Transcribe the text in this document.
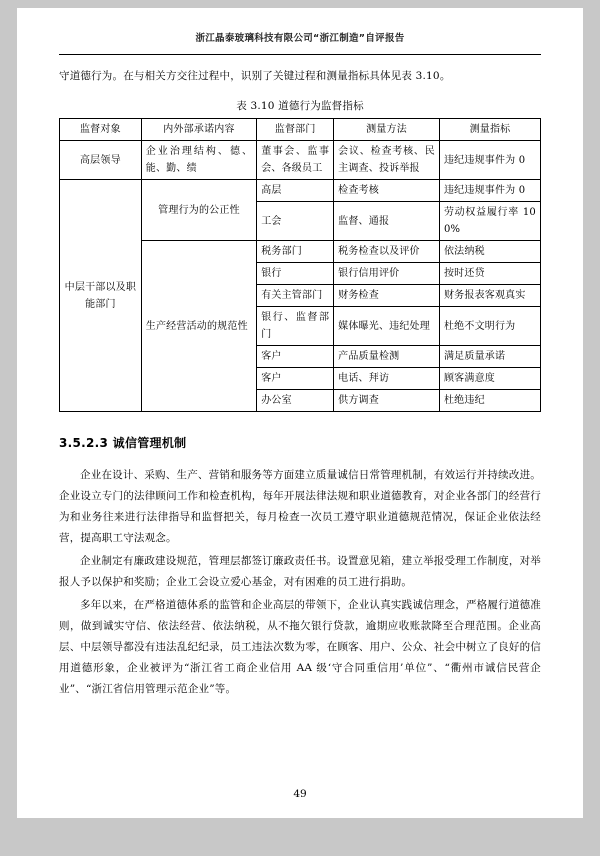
浙江晶泰玻璃科技有限公司“浙江制造”自评报告

守道德行为。在与相关方交往过程中，识别了关键过程和测量指标具体见表 3.10。

表 3.10 道德行为监督指标
监督对象	内外部承诺内容	监督部门	测量方法	测量指标
高层领导	企业治理结构、德、能、勤、绩	董事会、监事会、各级员工	会议、检查考核、民主调查、投诉举报	违纪违规事件为 0
中层干部以及职能部门	管理行为的公正性	高层	检查考核	违纪违规事件为 0
		工会	监督、通报	劳动权益履行率 100%
	生产经营活动的规范性	税务部门	税务检查以及评价	依法纳税
		银行	银行信用评价	按时还贷
		有关主管部门	财务检查	财务报表客观真实
		银行、监督部门	媒体曝光、违纪处理	杜绝不文明行为
		客户	产品质量检测	满足质量承诺
		客户	电话、拜访	顾客满意度
		办公室	供方调查	杜绝违纪
3.5.2.3 诚信管理机制

企业在设计、采购、生产、营销和服务等方面建立质量诚信日常管理机制，有效运行并持续改进。企业设立专门的法律顾问工作和检查机构，每年开展法律法规和职业道德教育，对企业各部门的经营行为和业务往来进行法律指导和监督把关，每月检查一次员工遵守职业道德规范情况，保证企业依法经营，提高职工守法观念。

企业制定有廉政建设规范，管理层都签订廉政责任书。设置意见箱，建立举报受理工作制度，对举报人予以保护和奖励；企业工会设立爱心基金，对有困难的员工进行捐助。

多年以来，在严格道德体系的监管和企业高层的带领下，企业认真实践诚信理念，严格履行道德准则，做到诚实守信、依法经营、依法纳税，从不拖欠银行贷款，逾期应收账款降至合理范围。企业高层、中层领导都没有违法乱纪纪录，员工违法次数为零，在顾客、用户、公众、社会中树立了良好的信用道德形象，企业被评为“浙江省工商企业信用 AA 级‘守合同重信用’单位”、“衢州市诚信民营企业”、“浙江省信用管理示范企业”等。

49
